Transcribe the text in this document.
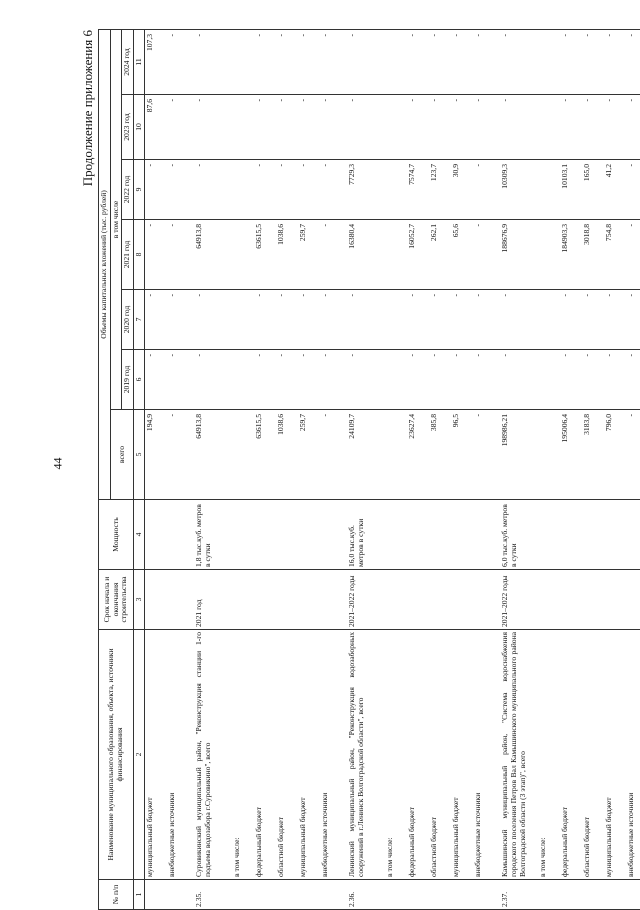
44
Продолжение приложения 6
№ п/п	Наименование муниципального образования, объекта, источники финансирования	Срок начала и окончания строительства	Мощность	Объемы капитальных вложений (тыс. рублей)						
				всего	в том числе					
					2019 год	2020 год	2021 год	2022 год	2023 год	2024 год
1	2	3	4	5	6	7	8	9	10	11
	муниципальный бюджет			194,9	-	-	-	-	87,6	107,3
	внебюджетные источники			-	-	-	-	-	-	-
2.35.	Суровикинский муниципальный район, "Реконструкция станции 1-го подъема водозабора г.Суровикино", всего	2021 год	1,8 тыс.куб. метров в сутки	64913,8	-	-	64913,8	-	-	-
	в том числе:									
	федеральный бюджет			63615,5	-	-	63615,5	-	-	-
	областной бюджет			1038,6	-	-	1038,6	-	-	-
	муниципальный бюджет			259,7	-	-	259,7	-	-	-
	внебюджетные источники			-	-	-	-	-	-	-
2.36.	Ленинский муниципальный район, "Реконструкция водозаборных сооружений в г.Ленинск Волгоградской области", всего	2021–2022 годы	16,0 тыс.куб. метров в сутки	24109,7	-	-	16380,4	7729,3	-	-
	в том числе:									
	федеральный бюджет			23627,4	-	-	16052,7	7574,7	-	-
	областной бюджет			385,8	-	-	262,1	123,7	-	-
	муниципальный бюджет			96,5	-	-	65,6	30,9	-	-
	внебюджетные источники			-	-	-	-	-	-	-
2.37.	Камышинский муниципальный район, "Система водоснабжения городского поселения Петров Вал Камышинского муниципального района Волгоградской области (3 этап)", всего	2021–2022 годы	6,0 тыс.куб. метров в сутки	198986,21	-	-	188676,9	10309,3	-	-
	в том числе:									
	федеральный бюджет			195006,4	-	-	184903,3	10103,1	-	-
	областной бюджет			3183,8	-	-	3018,8	165,0	-	-
	муниципальный бюджет			796,0	-	-	754,8	41,2	-	-
	внебюджетные источники			-	-	-	-	-	-	-
